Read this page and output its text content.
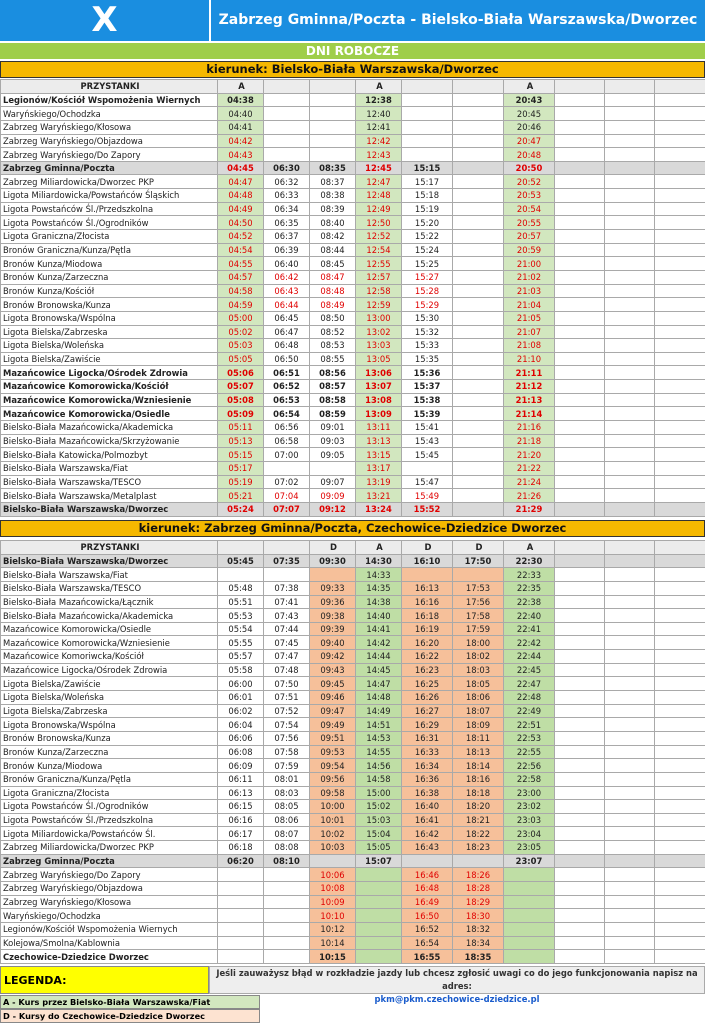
X	Zabrzeg Gminna/Poczta - Bielsko-Biała Warszawska/Dworzec
DNI ROBOCZE
kierunek: Bielsko-Biała Warszawska/Dworzec
PRZYSTANKI	A			A			A			
Legionów/Kościół Wspomożenia Wiernych	04:38			12:38			20:43			
Waryńskiego/Ochodzka	04:40			12:40			20:45			
Zabrzeg Waryńskiego/Kłosowa	04:41			12:41			20:46			
Zabrzeg Waryńskiego/Objazdowa	04:42			12:42			20:47			
Zabrzeg Waryńskiego/Do Zapory	04:43			12:43			20:48			
Zabrzeg Gminna/Poczta	04:45	06:30	08:35	12:45	15:15		20:50			
Zabrzeg Miliardowicka/Dworzec PKP	04:47	06:32	08:37	12:47	15:17		20:52			
Ligota Miliardowicka/Powstańców Śląskich	04:48	06:33	08:38	12:48	15:18		20:53			
Ligota Powstańców Śl./Przedszkolna	04:49	06:34	08:39	12:49	15:19		20:54			
Ligota Powstańców Śl./Ogrodników	04:50	06:35	08:40	12:50	15:20		20:55			
Ligota Graniczna/Złocista	04:52	06:37	08:42	12:52	15:22		20:57			
Bronów Graniczna/Kunza/Pętla	04:54	06:39	08:44	12:54	15:24		20:59			
Bronów Kunza/Miodowa	04:55	06:40	08:45	12:55	15:25		21:00			
Bronów Kunza/Zarzeczna	04:57	06:42	08:47	12:57	15:27		21:02			
Bronów Kunza/Kościół	04:58	06:43	08:48	12:58	15:28		21:03			
Bronów Bronowska/Kunza	04:59	06:44	08:49	12:59	15:29		21:04			
Ligota Bronowska/Wspólna	05:00	06:45	08:50	13:00	15:30		21:05			
Ligota Bielska/Zabrzeska	05:02	06:47	08:52	13:02	15:32		21:07			
Ligota Bielska/Woleńska	05:03	06:48	08:53	13:03	15:33		21:08			
Ligota Bielska/Zawiście	05:05	06:50	08:55	13:05	15:35		21:10			
Mazańcowice Ligocka/Ośrodek Zdrowia	05:06	06:51	08:56	13:06	15:36		21:11			
Mazańcowice Komorowicka/Kościół	05:07	06:52	08:57	13:07	15:37		21:12			
Mazańcowice Komorowicka/Wzniesienie	05:08	06:53	08:58	13:08	15:38		21:13			
Mazańcowice Komorowicka/Osiedle	05:09	06:54	08:59	13:09	15:39		21:14			
Bielsko-Biała Mazańcowicka/Akademicka	05:11	06:56	09:01	13:11	15:41		21:16			
Bielsko-Biała Mazańcowicka/Skrzyżowanie	05:13	06:58	09:03	13:13	15:43		21:18			
Bielsko-Biała Katowicka/Polmozbyt	05:15	07:00	09:05	13:15	15:45		21:20			
Bielsko-Biała Warszawska/Fiat	05:17			13:17			21:22			
Bielsko-Biała Warszawska/TESCO	05:19	07:02	09:07	13:19	15:47		21:24			
Bielsko-Biała Warszawska/Metalplast	05:21	07:04	09:09	13:21	15:49		21:26			
Bielsko-Biała Warszawska/Dworzec	05:24	07:07	09:12	13:24	15:52		21:29			
kierunek: Zabrzeg Gminna/Poczta, Czechowice-Dziedzice Dworzec
PRZYSTANKI			D	A	D	D	A			
Bielsko-Biała Warszawska/Dworzec	05:45	07:35	09:30	14:30	16:10	17:50	22:30			
Bielsko-Biała Warszawska/Fiat				14:33			22:33			
Bielsko-Biała Warszawska/TESCO	05:48	07:38	09:33	14:35	16:13	17:53	22:35			
Bielsko-Biała Mazańcowicka/Łącznik	05:51	07:41	09:36	14:38	16:16	17:56	22:38			
Bielsko-Biała Mazańcowicka/Akademicka	05:53	07:43	09:38	14:40	16:18	17:58	22:40			
Mazańcowice Komorowicka/Osiedle	05:54	07:44	09:39	14:41	16:19	17:59	22:41			
Mazańcowice Komorowicka/Wzniesienie	05:55	07:45	09:40	14:42	16:20	18:00	22:42			
Mazańcowice Komoriwcka/Kościół	05:57	07:47	09:42	14:44	16:22	18:02	22:44			
Mazańcowice Ligocka/Ośrodek Zdrowia	05:58	07:48	09:43	14:45	16:23	18:03	22:45			
Ligota Bielska/Zawiście	06:00	07:50	09:45	14:47	16:25	18:05	22:47			
Ligota Bielska/Woleńska	06:01	07:51	09:46	14:48	16:26	18:06	22:48			
Ligota Bielska/Zabrzeska	06:02	07:52	09:47	14:49	16:27	18:07	22:49			
Ligota Bronowska/Wspólna	06:04	07:54	09:49	14:51	16:29	18:09	22:51			
Bronów Bronowska/Kunza	06:06	07:56	09:51	14:53	16:31	18:11	22:53			
Bronów Kunza/Zarzeczna	06:08	07:58	09:53	14:55	16:33	18:13	22:55			
Bronów Kunza/Miodowa	06:09	07:59	09:54	14:56	16:34	18:14	22:56			
Bronów Graniczna/Kunza/Pętla	06:11	08:01	09:56	14:58	16:36	18:16	22:58			
Ligota Graniczna/Złocista	06:13	08:03	09:58	15:00	16:38	18:18	23:00			
Ligota Powstańców Śl./Ogrodników	06:15	08:05	10:00	15:02	16:40	18:20	23:02			
Ligota Powstańców Śl./Przedszkolna	06:16	08:06	10:01	15:03	16:41	18:21	23:03			
Ligota Miliardowicka/Powstańców Śl.	06:17	08:07	10:02	15:04	16:42	18:22	23:04			
Zabrzeg Miliardowicka/Dworzec PKP	06:18	08:08	10:03	15:05	16:43	18:23	23:05			
Zabrzeg Gminna/Poczta	06:20	08:10		15:07			23:07			
Zabrzeg Waryńskiego/Do Zapory			10:06		16:46	18:26				
Zabrzeg Waryńskiego/Objazdowa			10:08		16:48	18:28				
Zabrzeg Waryńskiego/Kłosowa			10:09		16:49	18:29				
Waryńskiego/Ochodzka			10:10		16:50	18:30				
Legionów/Kościół Wspomożenia Wiernych			10:12		16:52	18:32				
Kolejowa/Smolna/Kablownia			10:14		16:54	18:34				
Czechowice-Dziedzice Dworzec			10:15		16:55	18:35				
LEGENDA:
Jeśli zauważysz błąd w rozkładzie jazdy lub chcesz zgłosić uwagi co do jego funkcjonowania napisz na adres:
pkm@pkm.czechowice-dziedzice.pl
A - Kurs przez Bielsko-Biała Warszawska/Fiat
D - Kursy do Czechowice-Dziedzice Dworzec
